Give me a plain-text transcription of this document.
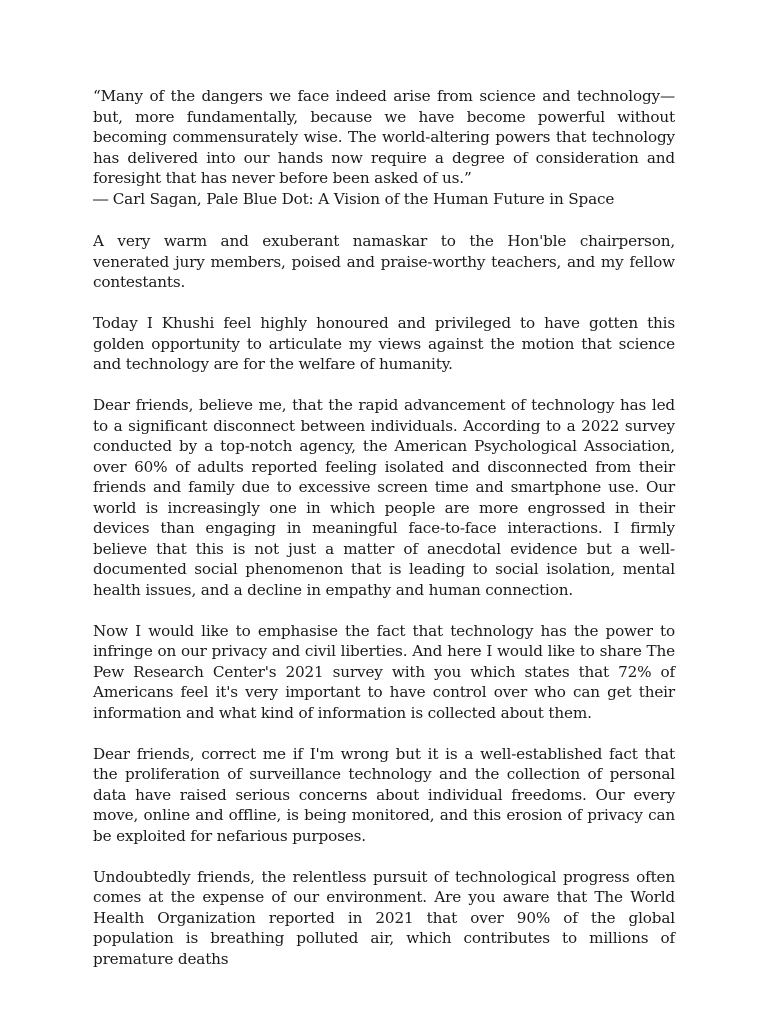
“Many of the dangers we face indeed arise from science and technology—but, more fundamentally, because we have become powerful without becoming commensurately wise. The world-altering powers that technology has delivered into our hands now require a degree of consideration and foresight that has never before been asked of us.”

― Carl Sagan, Pale Blue Dot: A Vision of the Human Future in Space

A very warm and exuberant namaskar to the Hon'ble chairperson, venerated jury members, poised and praise-worthy teachers, and my fellow contestants.

Today I Khushi feel highly honoured and privileged to have gotten this golden opportunity to articulate my views against the motion that science and technology are for the welfare of humanity.

Dear friends, believe me, that the rapid advancement of technology has led to a significant disconnect between individuals. According to a 2022 survey conducted by a top-notch agency, the American Psychological Association, over 60% of adults reported feeling isolated and disconnected from their friends and family due to excessive screen time and smartphone use. Our world is increasingly one in which people are more engrossed in their devices than engaging in meaningful face-to-face interactions. I firmly believe that this is not just a matter of anecdotal evidence but a well-documented social phenomenon that is leading to social isolation, mental health issues, and a decline in empathy and human connection.

Now I would like to emphasise the fact that technology has the power to infringe on our privacy and civil liberties. And here I would like to share The Pew Research Center's 2021 survey with you which states that 72% of Americans feel it's very important to have control over who can get their information and what kind of information is collected about them.

Dear friends, correct me if I'm wrong but it is a well-established fact that the proliferation of surveillance technology and the collection of personal data have raised serious concerns about individual freedoms. Our every move, online and offline, is being monitored, and this erosion of privacy can be exploited for nefarious purposes.

Undoubtedly friends, the relentless pursuit of technological progress often comes at the expense of our environment. Are you aware that The World Health Organization reported in 2021 that over 90% of the global population is breathing polluted air, which contributes to millions of premature deaths
